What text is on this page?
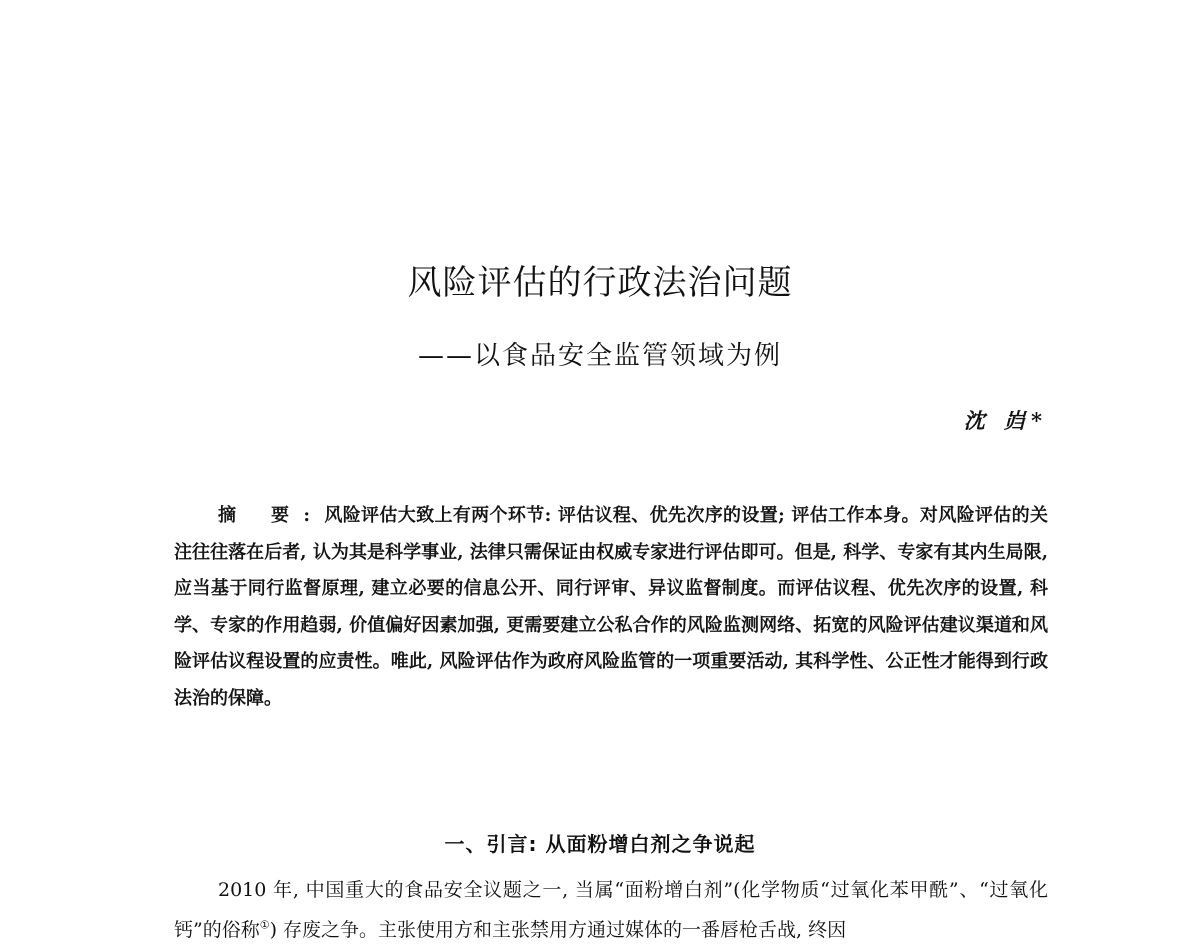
风险评估的行政法治问题
——以食品安全监管领域为例
沈 岿*
摘 要:风险评估大致上有两个环节: 评估议程、优先次序的设置; 评估工作本身。对风险评估的关注往往落在后者, 认为其是科学事业, 法律只需保证由权威专家进行评估即可。但是, 科学、专家有其内生局限, 应当基于同行监督原理, 建立必要的信息公开、同行评审、异议监督制度。而评估议程、优先次序的设置, 科学、专家的作用趋弱, 价值偏好因素加强, 更需要建立公私合作的风险监测网络、拓宽的风险评估建议渠道和风险评估议程设置的应责性。唯此, 风险评估作为政府风险监管的一项重要活动, 其科学性、公正性才能得到行政法治的保障。
一、引言: 从面粉增白剂之争说起
2010 年, 中国重大的食品安全议题之一, 当属“面粉增白剂”(化学物质“过氧化苯甲酰”、“过氧化钙”的俗称①) 存废之争。主张使用方和主张禁用方通过媒体的一番唇枪舌战, 终因
